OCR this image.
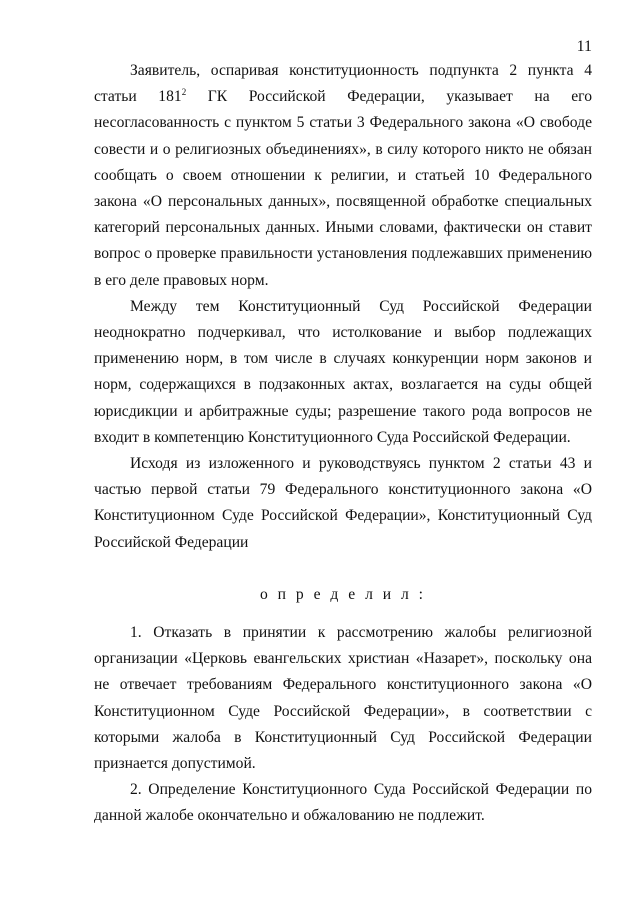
11

Заявитель, оспаривая конституционность подпункта 2 пункта 4 статьи $181^2$ ГК Российской Федерации, указывает на его несогласованность с пунктом 5 статьи 3 Федерального закона «О свободе совести и о религиозных объединениях», в силу которого никто не обязан сообщать о своем отношении к религии, и статьей 10 Федерального закона «О персональных данных», посвященной обработке специальных категорий персональных данных. Иными словами, фактически он ставит вопрос о проверке правильности установления подлежавших применению в его деле правовых норм.

Между тем Конституционный Суд Российской Федерации неоднократно подчеркивал, что истолкование и выбор подлежащих применению норм, в том числе в случаях конкуренции норм законов и норм, содержащихся в подзаконных актах, возлагается на суды общей юрисдикции и арбитражные суды; разрешение такого рода вопросов не входит в компетенцию Конституционного Суда Российской Федерации.

Исходя из изложенного и руководствуясь пунктом 2 статьи 43 и частью первой статьи 79 Федерального конституционного закона «О Конституционном Суде Российской Федерации», Конституционный Суд Российской Федерации

о п р е д е л и л :

1. Отказать в принятии к рассмотрению жалобы религиозной организации «Церковь евангельских христиан «Назарет», поскольку она не отвечает требованиям Федерального конституционного закона «О Конституционном Суде Российской Федерации», в соответствии с которыми жалоба в Конституционный Суд Российской Федерации признается допустимой.

2. Определение Конституционного Суда Российской Федерации по данной жалобе окончательно и обжалованию не подлежит.
